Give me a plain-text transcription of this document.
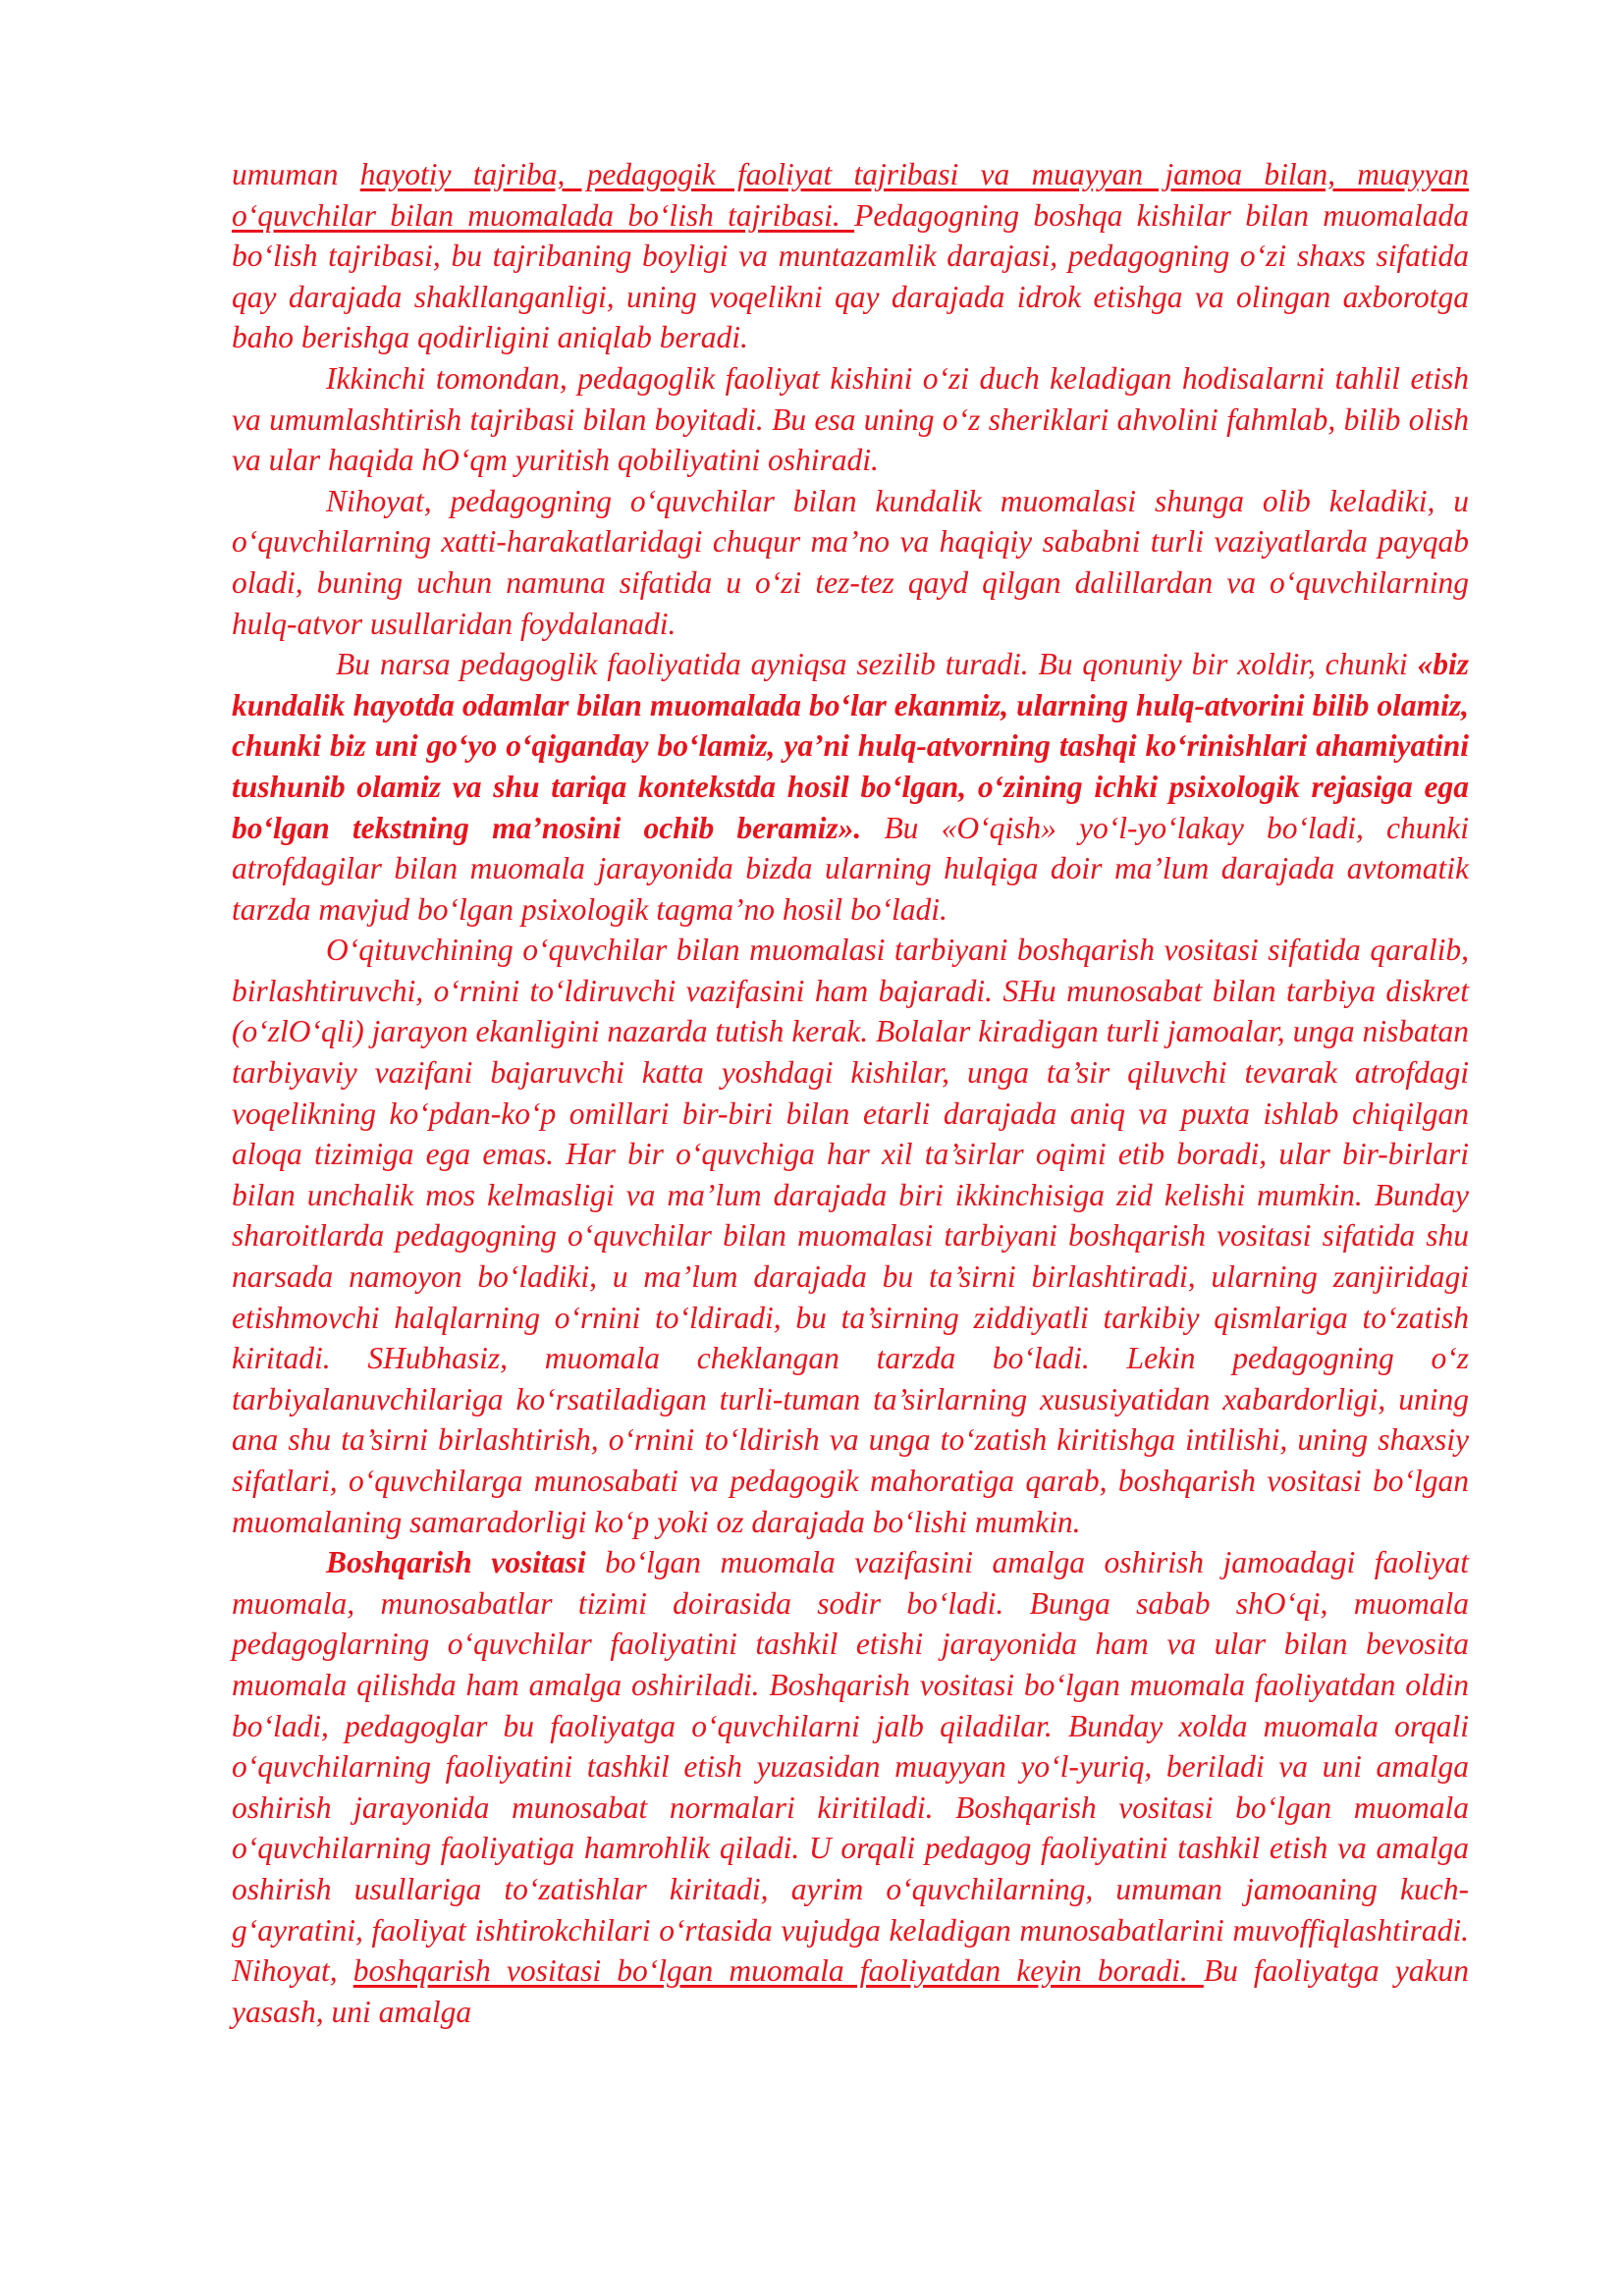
umuman hayotiy tajriba, pedagogik faoliyat tajribasi va muayyan jamoa bilan, muayyan o‘quvchilar bilan muomalada bo‘lish tajribasi. Pedagogning boshqa kishilar bilan muomalada bo‘lish tajribasi, bu tajribaning boyligi va muntazamlik darajasi, pedagogning o‘zi shaxs sifatida qay darajada shakllanganligi, uning voqelikni qay darajada idrok etishga va olingan axborotga baho berishga qodirligini aniqlab beradi.

Ikkinchi tomondan, pedagoglik faoliyat kishini o‘zi duch keladigan hodisalarni tahlil etish va umumlashtirish tajribasi bilan boyitadi. Bu esa uning o‘z sheriklari ahvolini fahmlab, bilib olish va ular haqida hO‘qm yuritish qobiliyatini oshiradi.

Nihoyat, pedagogning o‘quvchilar bilan kundalik muomalasi shunga olib keladiki, u o‘quvchilarning xatti-harakatlaridagi chuqur ma’no va haqiqiy sababni turli vaziyatlarda payqab oladi, buning uchun namuna sifatida u o‘zi tez-tez qayd qilgan dalillardan va o‘quvchilarning hulq-atvor usullaridan foydalanadi.

Bu narsa pedagoglik faoliyatida ayniqsa sezilib turadi. Bu qonuniy bir xoldir, chunki «biz kundalik hayotda odamlar bilan muomalada bo‘lar ekanmiz, ularning hulq-atvorini bilib olamiz, chunki biz uni go‘yo o‘qiganday bo‘lamiz, ya’ni hulq-atvorning tashqi ko‘rinishlari ahamiyatini tushunib olamiz va shu tariqa kontekstda hosil bo‘lgan, o‘zining ichki psixologik rejasiga ega bo‘lgan tekstning ma’nosini ochib beramiz». Bu «O‘qish» yo‘l-yo‘lakay bo‘ladi, chunki atrofdagilar bilan muomala jarayonida bizda ularning hulqiga doir ma’lum darajada avtomatik tarzda mavjud bo‘lgan psixologik tagma’no hosil bo‘ladi.

O‘qituvchining o‘quvchilar bilan muomalasi tarbiyani boshqarish vositasi sifatida qaralib, birlashtiruvchi, o‘rnini to‘ldiruvchi vazifasini ham bajaradi. SHu munosabat bilan tarbiya diskret (o‘zlO‘qli) jarayon ekanligini nazarda tutish kerak. Bolalar kiradigan turli jamoalar, unga nisbatan tarbiyaviy vazifani bajaruvchi katta yoshdagi kishilar, unga ta’sir qiluvchi tevarak atrofdagi voqelikning ko‘pdan-ko‘p omillari bir-biri bilan etarli darajada aniq va puxta ishlab chiqilgan aloqa tizimiga ega emas. Har bir o‘quvchiga har xil ta’sirlar oqimi etib boradi, ular bir-birlari bilan unchalik mos kelmasligi va ma’lum darajada biri ikkinchisiga zid kelishi mumkin. Bunday sharoitlarda pedagogning o‘quvchilar bilan muomalasi tarbiyani boshqarish vositasi sifatida shu narsada namoyon bo‘ladiki, u ma’lum darajada bu ta’sirni birlashtiradi, ularning zanjiridagi etishmovchi halqlarning o‘rnini to‘ldiradi, bu ta’sirning ziddiyatli tarkibiy qismlariga to‘zatish kiritadi. SHubhasiz, muomala cheklangan tarzda bo‘ladi. Lekin pedagogning o‘z tarbiyalanuvchilariga ko‘rsatiladigan turli-tuman ta’sirlarning xususiyatidan xabardorligi, uning ana shu ta’sirni birlashtirish, o‘rnini to‘ldirish va unga to‘zatish kiritishga intilishi, uning shaxsiy sifatlari, o‘quvchilarga munosabati va pedagogik mahoratiga qarab, boshqarish vositasi bo‘lgan muomalaning samaradorligi ko‘p yoki oz darajada bo‘lishi mumkin.

Boshqarish vositasi bo‘lgan muomala vazifasini amalga oshirish jamoadagi faoliyat muomala, munosabatlar tizimi doirasida sodir bo‘ladi. Bunga sabab shO‘qi, muomala pedagoglarning o‘quvchilar faoliyatini tashkil etishi jarayonida ham va ular bilan bevosita muomala qilishda ham amalga oshiriladi. Boshqarish vositasi bo‘lgan muomala faoliyatdan oldin bo‘ladi, pedagoglar bu faoliyatga o‘quvchilarni jalb qiladilar. Bunday xolda muomala orqali o‘quvchilarning faoliyatini tashkil etish yuzasidan muayyan yo‘l-yuriq, beriladi va uni amalga oshirish jarayonida munosabat normalari kiritiladi. Boshqarish vositasi bo‘lgan muomala o‘quvchilarning faoliyatiga hamrohlik qiladi. U orqali pedagog faoliyatini tashkil etish va amalga oshirish usullariga to‘zatishlar kiritadi, ayrim o‘quvchilarning, umuman jamoaning kuch-g‘ayratini, faoliyat ishtirokchilari o‘rtasida vujudga keladigan munosabatlarini muvoffiqlashtiradi. Nihoyat, boshqarish vositasi bo‘lgan muomala faoliyatdan keyin boradi. Bu faoliyatga yakun yasash, uni amalga
